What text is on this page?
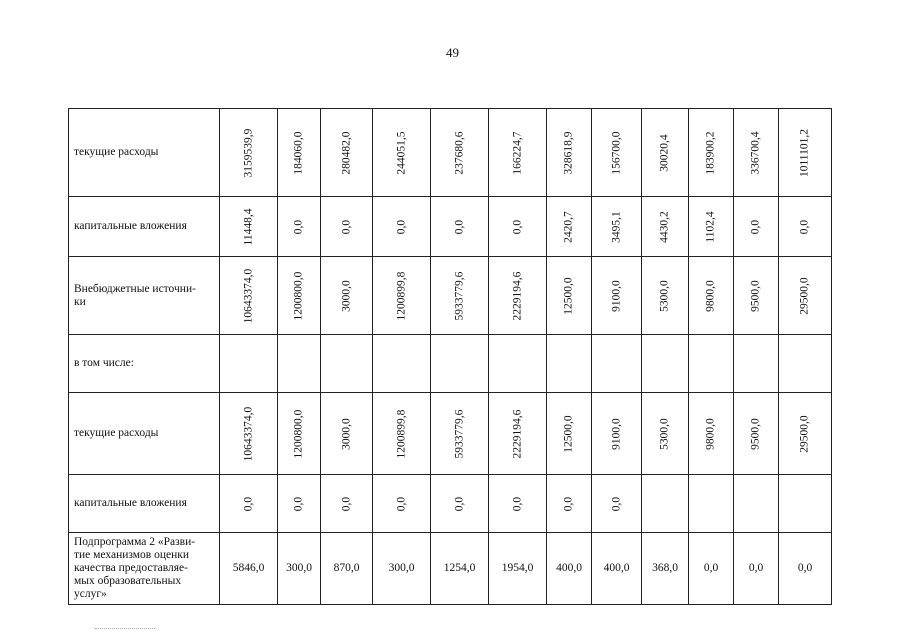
49
текущие расходы	3159539,9	184060,0	280482,0	244051,5	237680,6	166224,7	328618,9	156700,0	30020,4	183900,2	336700,4	1011101,2

капитальные вложения	11448,4	0,0	0,0	0,0	0,0	0,0	2420,7	3495,1	4430,2	1102,4	0,0	0,0

Внебюджетные источни-
ки	10643374,0	1200800,0	3000,0	1200899,8	5933779,6	2229194,6	12500,0	9100,0	5300,0	9800,0	9500,0	29500,0

в том числе:	

текущие расходы	10643374,0	1200800,0	3000,0	1200899,8	5933779,6	2229194,6	12500,0	9100,0	5300,0	9800,0	9500,0	29500,0

капитальные вложения	0,0	0,0	0,0	0,0	0,0	0,0	0,0	0,0				

Подпрограмма 2 «Разви-
тие механизмов оценки
качества предоставляе-
мых образовательных
услуг»	5846,0	300,0	870,0	300,0	1254,0	1954,0	400,0	400,0	368,0	0,0	0,0	0,0
